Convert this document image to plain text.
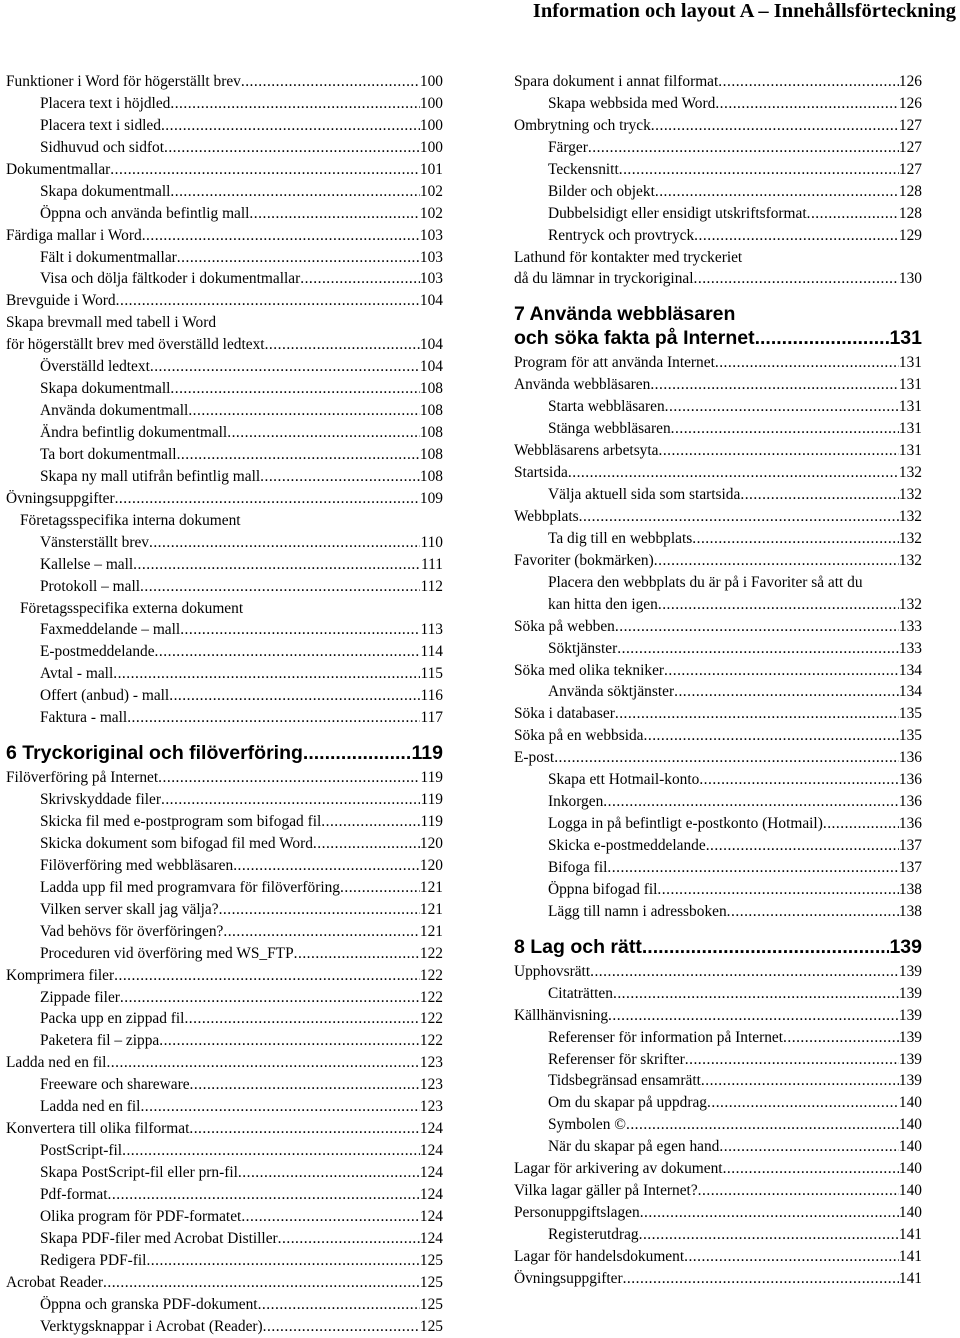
Information och layout A – Innehållsförteckning
Funktioner i Word för högerställt brev .....	100
Placera text i höjdled .....	100
Placera text i sidled .....	100
Sidhuvud och sidfot .....	100
Dokumentmallar .....	101
Skapa dokumentmall .....	102
Öppna och använda befintlig mall .....	102
Färdiga mallar i Word .....	103
Fält i dokumentmallar .....	103
Visa och dölja fältkoder i dokumentmallar .....	103
Brevguide i Word .....	104
Skapa brevmall med tabell i Word
för högerställt brev med överställd ledtext .....	104
Överställd ledtext .....	104
Skapa dokumentmall .....	108
Använda dokumentmall .....	108
Ändra befintlig dokumentmall .....	108
Ta bort dokumentmall .....	108
Skapa ny mall utifrån befintlig mall .....	108
Övningsuppgifter .....	109
Företagsspecifika interna dokument
Vänsterställt brev .....	110
Kallelse – mall .....	111
Protokoll – mall .....	112
Företagsspecifika externa dokument
Faxmeddelande – mall .....	113
E-postmeddelande .....	114
Avtal - mall .....	115
Offert (anbud) - mall .....	116
Faktura - mall .....	117
6 Tryckoriginal och filöverföring .....	119
Filöverföring på Internet .....	119
Skrivskyddade filer .....	119
Skicka fil med e-postprogram som bifogad fil .....	119
Skicka dokument som bifogad fil med Word .....	120
Filöverföring med webbläsaren .....	120
Ladda upp fil med programvara för filöverföring .....	121
Vilken server skall jag välja? .....	121
Vad behövs för överföringen? .....	121
Proceduren vid överföring med WS_FTP .....	122
Komprimera filer .....	122
Zippade filer .....	122
Packa upp en zippad fil .....	122
Paketera fil – zippa .....	122
Ladda ned en fil .....	123
Freeware och shareware .....	123
Ladda ned en fil .....	123
Konvertera till olika filformat .....	124
PostScript-fil .....	124
Skapa PostScript-fil eller prn-fil .....	124
Pdf-format .....	124
Olika program för PDF-formatet .....	124
Skapa PDF-filer med Acrobat Distiller .....	124
Redigera PDF-fil .....	125
Acrobat Reader .....	125
Öppna och granska PDF-dokument .....	125
Verktygsknappar i Acrobat (Reader) .....	125
Spara dokument i annat filformat .....	126
Skapa webbsida med Word .....	126
Ombrytning och tryck .....	127
Färger .....	127
Teckensnitt .....	127
Bilder och objekt .....	128
Dubbelsidigt eller ensidigt utskriftsformat .....	128
Rentryck och provtryck .....	129
Lathund för kontakter med tryckeriet
då du lämnar in tryckoriginal .....	130
7 Använda webbläsaren
och söka fakta på Internet .....	131
Program för att använda Internet .....	131
Använda webbläsaren .....	131
Starta webbläsaren .....	131
Stänga webbläsaren .....	131
Webbläsarens arbetsyta .....	131
Startsida .....	132
Välja aktuell sida som startsida .....	132
Webbplats .....	132
Ta dig till en webbplats .....	132
Favoriter (bokmärken) .....	132
Placera den webbplats du är på i Favoriter så att du
kan hitta den igen .....	132
Söka på webben .....	133
Söktjänster .....	133
Söka med olika tekniker .....	134
Använda söktjänster .....	134
Söka i databaser .....	135
Söka på en webbsida .....	135
E-post .....	136
Skapa ett Hotmail-konto .....	136
Inkorgen .....	136
Logga in på befintligt e-postkonto (Hotmail) .....	136
Skicka e-postmeddelande .....	137
Bifoga fil .....	137
Öppna bifogad fil .....	138
Lägg till namn i adressboken .....	138
8 Lag och rätt .....	139
Upphovsrätt .....	139
Citaträtten .....	139
Källhänvisning .....	139
Referenser för information på Internet .....	139
Referenser för skrifter .....	139
Tidsbegränsad ensamrätt .....	139
Om du skapar på uppdrag .....	140
Symbolen © .....	140
När du skapar på egen hand .....	140
Lagar för arkivering av dokument .....	140
Vilka lagar gäller på Internet? .....	140
Personuppgiftslagen .....	140
Registerutdrag .....	141
Lagar för handelsdokument .....	141
Övningsuppgifter .....	141
